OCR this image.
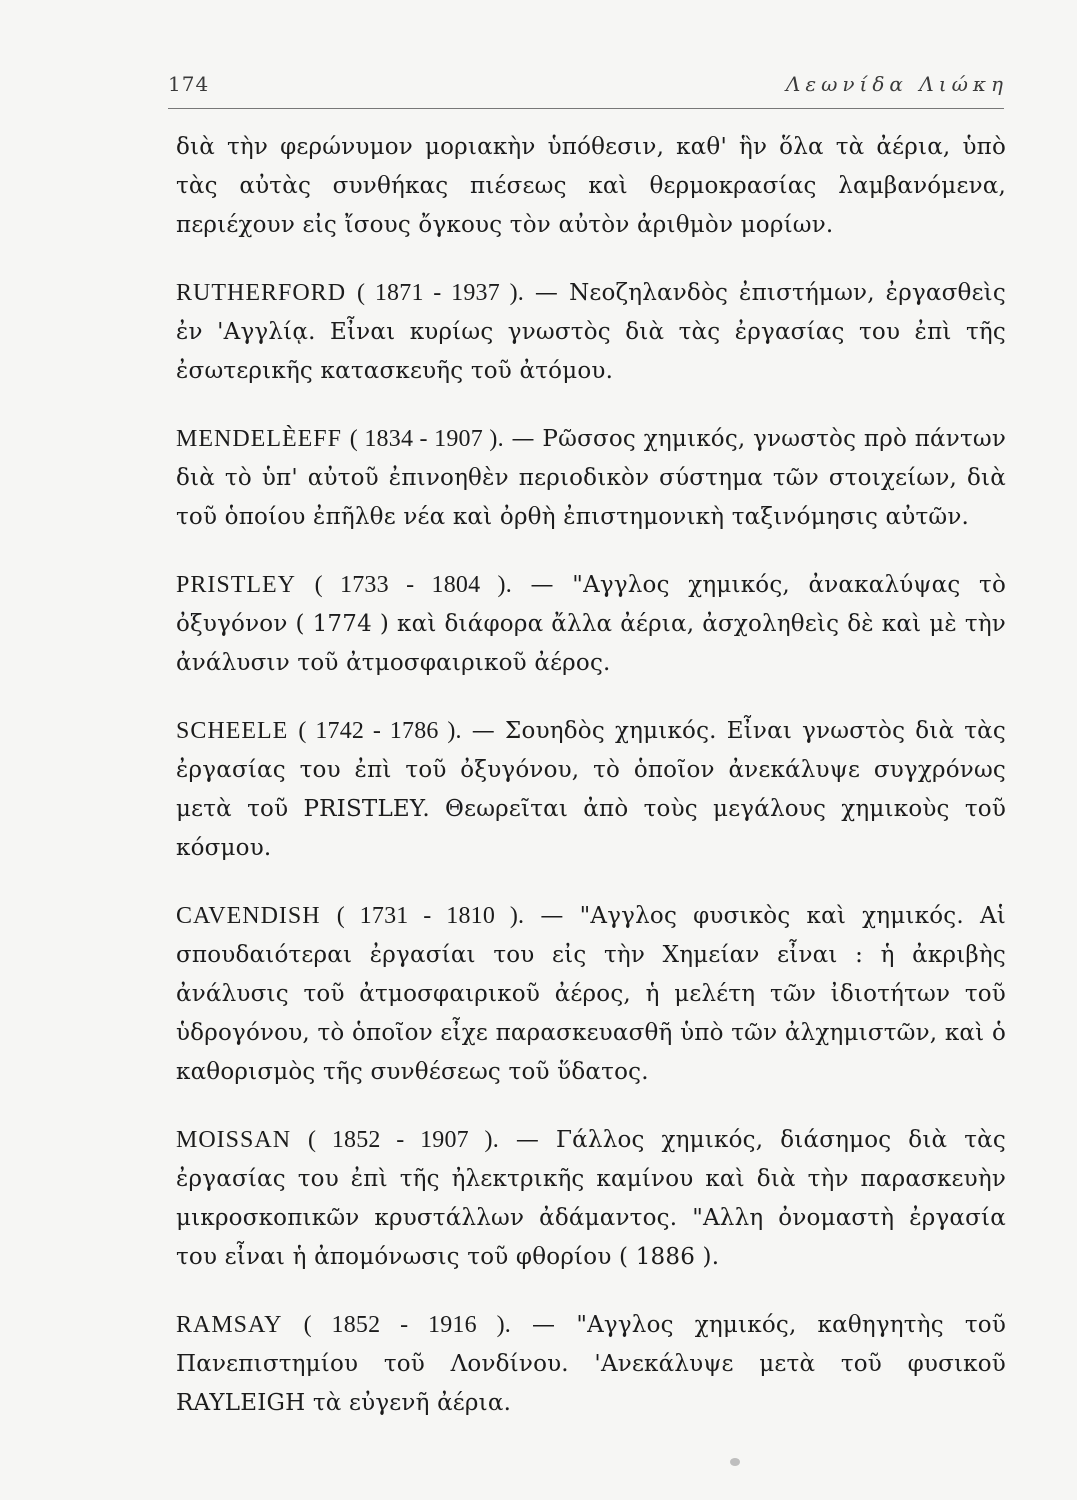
174	Λεωνίδα Λιώκη

διὰ τὴν φερώνυμον μοριακὴν ὑπόθεσιν, καθ' ἣν ὅλα τὰ ἀέρια, ὑπὸ τὰς αὐτὰς συνθήκας πιέσεως καὶ θερμοκρασίας λαμβανόμενα, περιέχουν εἰς ἴσους ὄγκους τὸν αὐτὸν ἀριθμὸν μορίων.

RUTHERFORD ( 1871 - 1937 ). — Νεοζηλανδὸς ἐπιστήμων, ἐργασθεὶς ἐν 'Αγγλίᾳ. Εἶναι κυρίως γνωστὸς διὰ τὰς ἐργασίας του ἐπὶ τῆς ἐσωτερικῆς κατασκευῆς τοῦ ἀτόμου.

MENDELÈEFF ( 1834 - 1907 ). — Ρῶσσος χημικός, γνωστὸς πρὸ πάντων διὰ τὸ ὑπ' αὐτοῦ ἐπινοηθὲν περιοδικὸν σύστημα τῶν στοιχείων, διὰ τοῦ ὁποίου ἐπῆλθε νέα καὶ ὀρθὴ ἐπιστημονικὴ ταξινόμησις αὐτῶν.

PRISTLEY ( 1733 - 1804 ). — "Αγγλος χημικός, ἀνακαλύψας τὸ ὀξυγόνον ( 1774 ) καὶ διάφορα ἄλλα ἀέρια, ἀσχοληθεὶς δὲ καὶ μὲ τὴν ἀνάλυσιν τοῦ ἀτμοσφαιρικοῦ ἀέρος.

SCHEELE ( 1742 - 1786 ). — Σουηδὸς χημικός. Εἶναι γνωστὸς διὰ τὰς ἐργασίας του ἐπὶ τοῦ ὀξυγόνου, τὸ ὁποῖον ἀνεκάλυψε συγχρόνως μετὰ τοῦ PRISTLEY. Θεωρεῖται ἀπὸ τοὺς μεγάλους χημικοὺς τοῦ κόσμου.

CAVENDISH ( 1731 - 1810 ). — "Αγγλος φυσικὸς καὶ χημικός. Αἱ σπουδαιότεραι ἐργασίαι του εἰς τὴν Χημείαν εἶναι : ἡ ἀκριβὴς ἀνάλυσις τοῦ ἀτμοσφαιρικοῦ ἀέρος, ἡ μελέτη τῶν ἰδιοτήτων τοῦ ὑδρογόνου, τὸ ὁποῖον εἶχε παρασκευασθῆ ὑπὸ τῶν ἀλχημιστῶν, καὶ ὁ καθορισμὸς τῆς συνθέσεως τοῦ ὕδατος.

MOISSAN ( 1852 - 1907 ). — Γάλλος χημικός, διάσημος διὰ τὰς ἐργασίας του ἐπὶ τῆς ἠλεκτρικῆς καμίνου καὶ διὰ τὴν παρασκευὴν μικροσκοπικῶν κρυστάλλων ἀδάμαντος. "Αλλη ὀνομαστὴ ἐργασία του εἶναι ἡ ἀπομόνωσις τοῦ φθορίου ( 1886 ).

RAMSAY ( 1852 - 1916 ). — "Αγγλος χημικός, καθηγητὴς τοῦ Πανεπιστημίου τοῦ Λονδίνου. 'Ανεκάλυψε μετὰ τοῦ φυσικοῦ RAYLEIGH τὰ εὐγενῆ ἀέρια.
